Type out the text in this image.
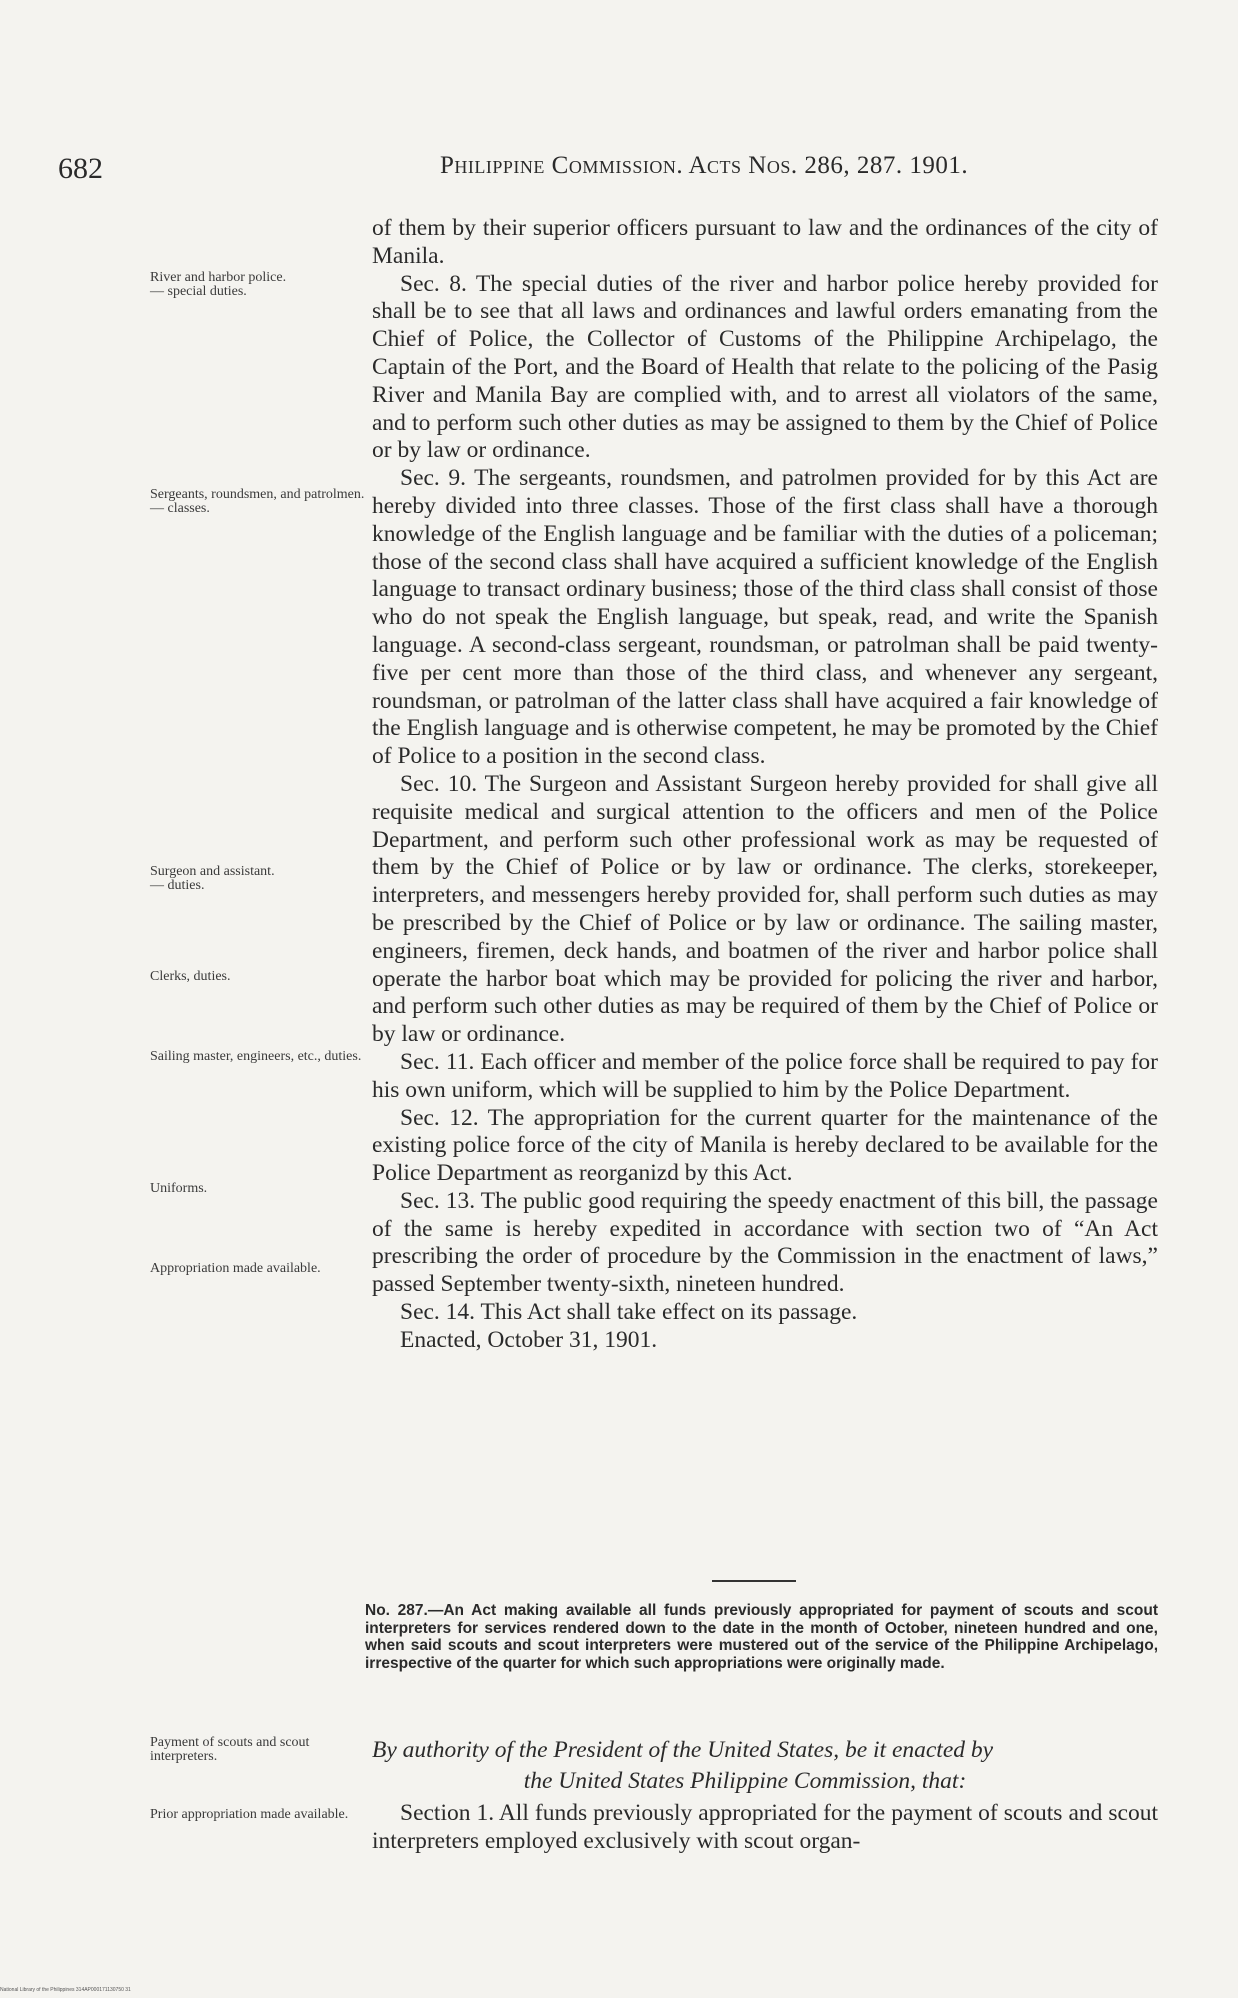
682	Philippine Commission. Acts Nos. 286, 287. 1901.
River and harbor police.
— special duties.
Sergeants, roundsmen, and patrolmen.
— classes.
Surgeon and assistant.
— duties.
Clerks, duties.
Sailing master, engineers, etc., duties.
Uniforms.
Appropriation made available.
Payment of scouts and scout interpreters.
Prior appropriation made available.

of them by their superior officers pursuant to law and the ordinances of the city of Manila.

Sec. 8. The special duties of the river and harbor police hereby provided for shall be to see that all laws and ordinances and lawful orders emanating from the Chief of Police, the Collector of Customs of the Philippine Archipelago, the Captain of the Port, and the Board of Health that relate to the policing of the Pasig River and Manila Bay are complied with, and to arrest all violators of the same, and to perform such other duties as may be assigned to them by the Chief of Police or by law or ordinance.

Sec. 9. The sergeants, roundsmen, and patrolmen provided for by this Act are hereby divided into three classes. Those of the first class shall have a thorough knowledge of the English language and be familiar with the duties of a policeman; those of the second class shall have acquired a sufficient knowledge of the English language to transact ordinary business; those of the third class shall consist of those who do not speak the English language, but speak, read, and write the Spanish language. A second-class sergeant, roundsman, or patrolman shall be paid twenty-five per cent more than those of the third class, and whenever any sergeant, roundsman, or patrolman of the latter class shall have acquired a fair knowledge of the English language and is otherwise competent, he may be promoted by the Chief of Police to a position in the second class.

Sec. 10. The Surgeon and Assistant Surgeon hereby provided for shall give all requisite medical and surgical attention to the officers and men of the Police Department, and perform such other professional work as may be requested of them by the Chief of Police or by law or ordinance. The clerks, storekeeper, interpreters, and messengers hereby provided for, shall perform such duties as may be prescribed by the Chief of Police or by law or ordinance. The sailing master, engineers, firemen, deck hands, and boatmen of the river and harbor police shall operate the harbor boat which may be provided for policing the river and harbor, and perform such other duties as may be required of them by the Chief of Police or by law or ordinance.

Sec. 11. Each officer and member of the police force shall be required to pay for his own uniform, which will be supplied to him by the Police Department.

Sec. 12. The appropriation for the current quarter for the maintenance of the existing police force of the city of Manila is hereby declared to be available for the Police Department as reorganizd by this Act.

Sec. 13. The public good requiring the speedy enactment of this bill, the passage of the same is hereby expedited in accordance with section two of “An Act prescribing the order of procedure by the Commission in the enactment of laws,” passed September twenty-sixth, nineteen hundred.

Sec. 14. This Act shall take effect on its passage.

Enacted, October 31, 1901.

No. 287.—An Act making available all funds previously appropriated for payment of scouts and scout interpreters for services rendered down to the date in the month of October, nineteen hundred and one, when said scouts and scout interpreters were mustered out of the service of the Philippine Archipelago, irrespective of the quarter for which such appropriations were originally made.

By authority of the President of the United States, be it enacted by

the United States Philippine Commission, that:

Section 1. All funds previously appropriated for the payment of scouts and scout interpreters employed exclusively with scout organ-

National Library of the Philippines 314AP000171130750 31
